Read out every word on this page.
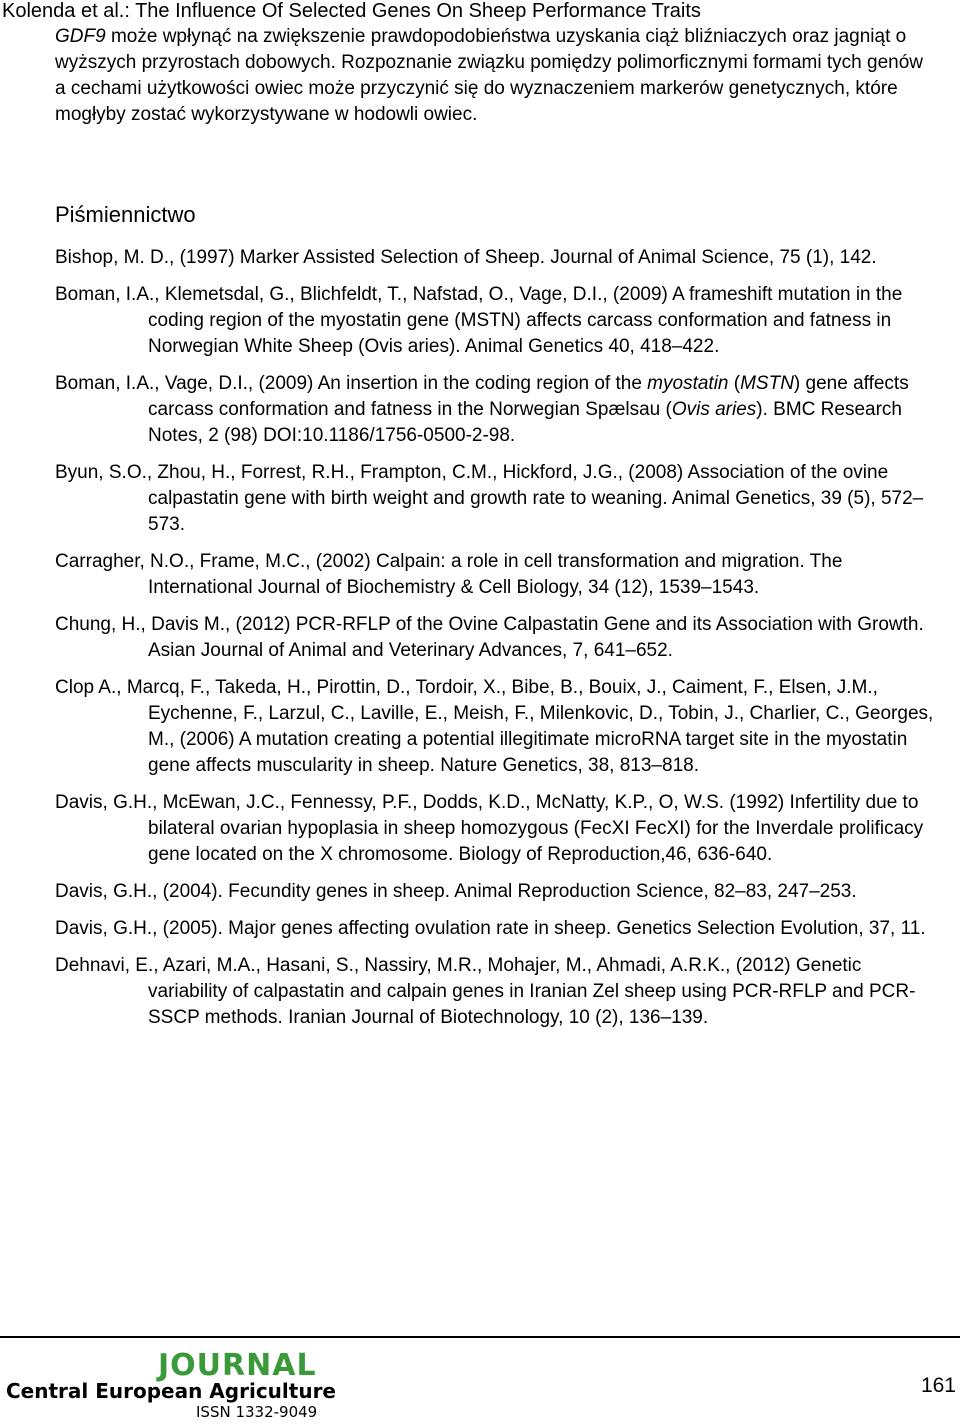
Kolenda et al.: The Influence Of Selected Genes On Sheep Performance Traits
GDF9 może wpłynąć na zwiększenie prawdopodobieństwa uzyskania ciąż bliźniaczych oraz jagniąt o wyższych przyrostach dobowych. Rozpoznanie związku pomiędzy polimorficznymi formami tych genów a cechami użytkowości owiec może przyczynić się do wyznaczeniem markerów genetycznych, które mogłyby zostać wykorzystywane w hodowli owiec.
Piśmiennictwo
Bishop, M. D., (1997) Marker Assisted Selection of Sheep. Journal of Animal Science, 75 (1), 142.
Boman, I.A., Klemetsdal, G., Blichfeldt, T., Nafstad, O., Vage, D.I., (2009) A frameshift mutation in the coding region of the myostatin gene (MSTN) affects carcass conformation and fatness in Norwegian White Sheep (Ovis aries). Animal Genetics 40, 418–422.
Boman, I.A., Vage, D.I., (2009) An insertion in the coding region of the myostatin (MSTN) gene affects carcass conformation and fatness in the Norwegian Spælsau (Ovis aries). BMC Research Notes, 2 (98) DOI:10.1186/1756-0500-2-98.
Byun, S.O., Zhou, H., Forrest, R.H., Frampton, C.M., Hickford, J.G., (2008) Association of the ovine calpastatin gene with birth weight and growth rate to weaning. Animal Genetics, 39 (5), 572–573.
Carragher, N.O., Frame, M.C., (2002) Calpain: a role in cell transformation and migration. The International Journal of Biochemistry & Cell Biology, 34 (12), 1539–1543.
Chung, H., Davis M., (2012) PCR-RFLP of the Ovine Calpastatin Gene and its Association with Growth. Asian Journal of Animal and Veterinary Advances, 7, 641–652.
Clop A., Marcq, F., Takeda, H., Pirottin, D., Tordoir, X., Bibe, B., Bouix, J., Caiment, F., Elsen, J.M., Eychenne, F., Larzul, C., Laville, E., Meish, F., Milenkovic, D., Tobin, J., Charlier, C., Georges, M., (2006) A mutation creating a potential illegitimate microRNA target site in the myostatin gene affects muscularity in sheep. Nature Genetics, 38, 813–818.
Davis, G.H., McEwan, J.C., Fennessy, P.F., Dodds, K.D., McNatty, K.P., O, W.S. (1992) Infertility due to bilateral ovarian hypoplasia in sheep homozygous (FecXI FecXI) for the Inverdale prolificacy gene located on the X chromosome. Biology of Reproduction,46, 636-640.
Davis, G.H., (2004). Fecundity genes in sheep. Animal Reproduction Science, 82–83, 247–253.
Davis, G.H., (2005). Major genes affecting ovulation rate in sheep. Genetics Selection Evolution, 37, 11.
Dehnavi, E., Azari, M.A., Hasani, S., Nassiry, M.R., Mohajer, M., Ahmadi, A.R.K., (2012) Genetic variability of calpastatin and calpain genes in Iranian Zel sheep using PCR-RFLP and PCR-SSCP methods. Iranian Journal of Biotechnology, 10 (2), 136–139.
JOURNAL
Central European Agriculture
ISSN 1332-9049
161
